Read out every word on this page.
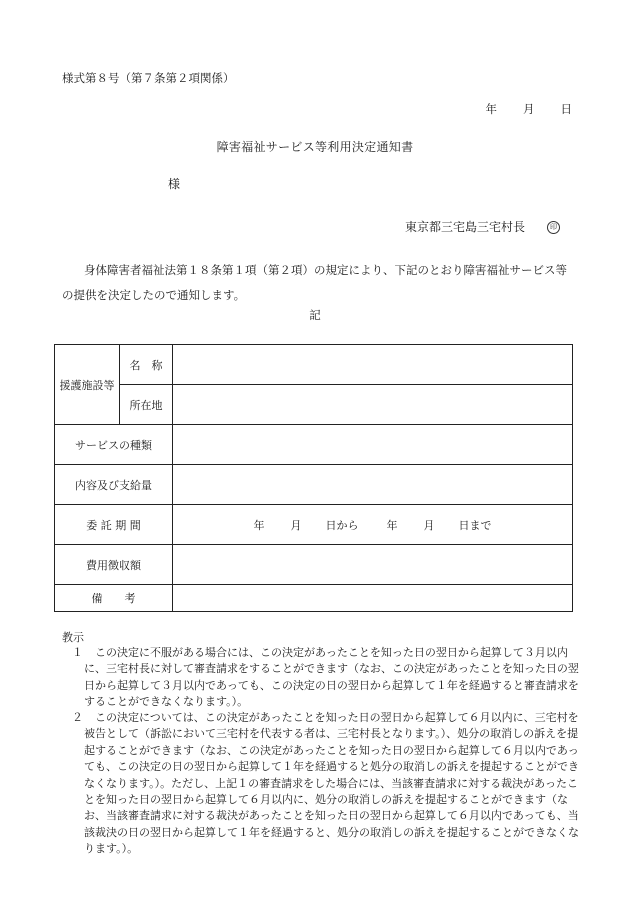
様式第８号（第７条第２項関係）
年 月 日
障害福祉サービス等利用決定通知書
様
東京都三宅島三宅村長	印
身体障害者福祉法第１８条第１項（第２項）の規定により、下記のとおり障害福祉サービス等の提供を決定したので通知します。
記
援護施設等	名　称	
	所在地	
サービスの種類		
内容及び支給量		
委 託 期 間		年 月 日から 年 月 日まで
費用徴収額		
備　　考		
教示
１	この決定に不服がある場合には、この決定があったことを知った日の翌日から起算して３月以内に、三宅村長に対して審査請求をすることができます（なお、この決定があったことを知った日の翌日から起算して３月以内であっても、この決定の日の翌日から起算して１年を経過すると審査請求をすることができなくなります。）。
２	この決定については、この決定があったことを知った日の翌日から起算して６月以内に、三宅村を被告として（訴訟において三宅村を代表する者は、三宅村長となります。）、処分の取消しの訴えを提起することができます（なお、この決定があったことを知った日の翌日から起算して６月以内であっても、この決定の日の翌日から起算して１年を経過すると処分の取消しの訴えを提起することができなくなります。）。ただし、上記１の審査請求をした場合には、当該審査請求に対する裁決があったことを知った日の翌日から起算して６月以内に、処分の取消しの訴えを提起することができます（なお、当該審査請求に対する裁決があったことを知った日の翌日から起算して６月以内であっても、当該裁決の日の翌日から起算して１年を経過すると、処分の取消しの訴えを提起することができなくなります。）。
